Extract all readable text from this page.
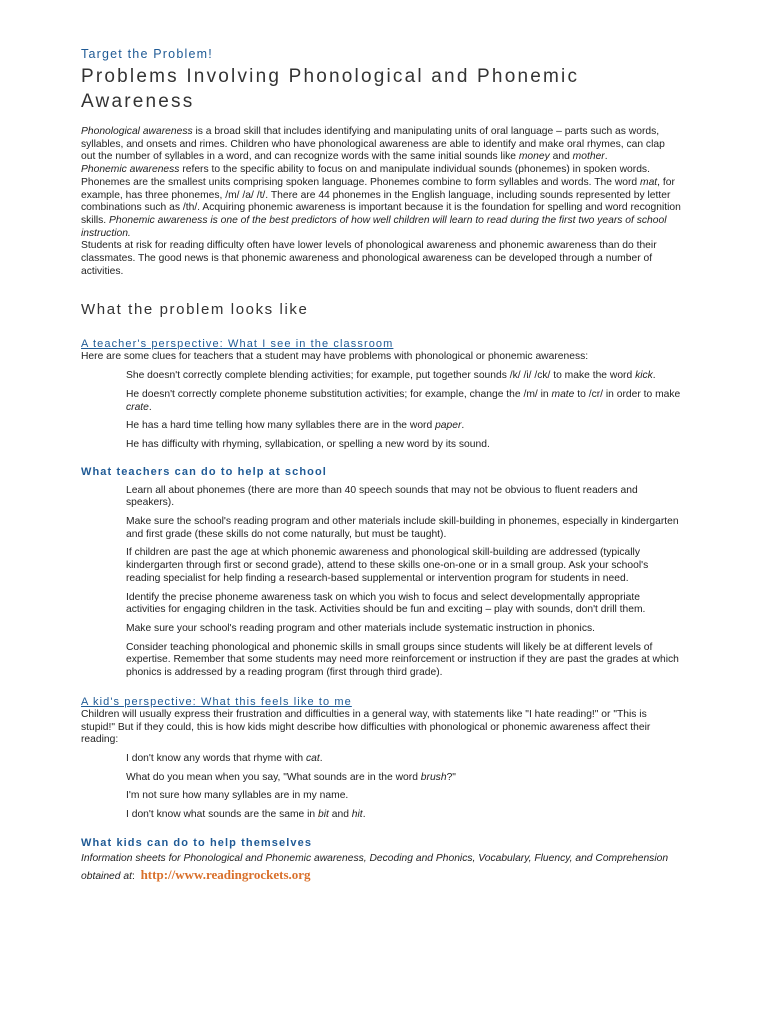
Target the Problem!

Problems Involving Phonological and Phonemic Awareness

Phonological awareness is a broad skill that includes identifying and manipulating units of oral language – parts such as words, syllables, and onsets and rimes. Children who have phonological awareness are able to identify and make oral rhymes, can clap out the number of syllables in a word, and can recognize words with the same initial sounds like money and mother.

Phonemic awareness refers to the specific ability to focus on and manipulate individual sounds (phonemes) in spoken words. Phonemes are the smallest units comprising spoken language. Phonemes combine to form syllables and words. The word mat, for example, has three phonemes, /m/ /a/ /t/. There are 44 phonemes in the English language, including sounds represented by letter combinations such as /th/. Acquiring phonemic awareness is important because it is the foundation for spelling and word recognition skills. Phonemic awareness is one of the best predictors of how well children will learn to read during the first two years of school instruction.

Students at risk for reading difficulty often have lower levels of phonological awareness and phonemic awareness than do their classmates. The good news is that phonemic awareness and phonological awareness can be developed through a number of activities.

What the problem looks like
A teacher's perspective: What I see in the classroom

Here are some clues for teachers that a student may have problems with phonological or phonemic awareness:

She doesn't correctly complete blending activities; for example, put together sounds /k/ /i/ /ck/ to make the word kick.
He doesn't correctly complete phoneme substitution activities; for example, change the /m/ in mate to /cr/ in order to make crate.
He has a hard time telling how many syllables there are in the word paper.
He has difficulty with rhyming, syllabication, or spelling a new word by its sound.
What teachers can do to help at school
Learn all about phonemes (there are more than 40 speech sounds that may not be obvious to fluent readers and speakers).
Make sure the school's reading program and other materials include skill-building in phonemes, especially in kindergarten and first grade (these skills do not come naturally, but must be taught).
If children are past the age at which phonemic awareness and phonological skill-building are addressed (typically kindergarten through first or second grade), attend to these skills one-on-one or in a small group. Ask your school's reading specialist for help finding a research-based supplemental or intervention program for students in need.
Identify the precise phoneme awareness task on which you wish to focus and select developmentally appropriate activities for engaging children in the task. Activities should be fun and exciting – play with sounds, don't drill them.
Make sure your school's reading program and other materials include systematic instruction in phonics.
Consider teaching phonological and phonemic skills in small groups since students will likely be at different levels of expertise. Remember that some students may need more reinforcement or instruction if they are past the grades at which phonics is addressed by a reading program (first through third grade).
A kid's perspective: What this feels like to me

Children will usually express their frustration and difficulties in a general way, with statements like "I hate reading!" or "This is stupid!" But if they could, this is how kids might describe how difficulties with phonological or phonemic awareness affect their reading:

I don't know any words that rhyme with cat.
What do you mean when you say, "What sounds are in the word brush?"
I'm not sure how many syllables are in my name.
I don't know what sounds are the same in bit and hit.
What kids can do to help themselves

Information sheets for Phonological and Phonemic awareness, Decoding and Phonics, Vocabulary, Fluency, and Comprehension obtained at: http://www.readingrockets.org
